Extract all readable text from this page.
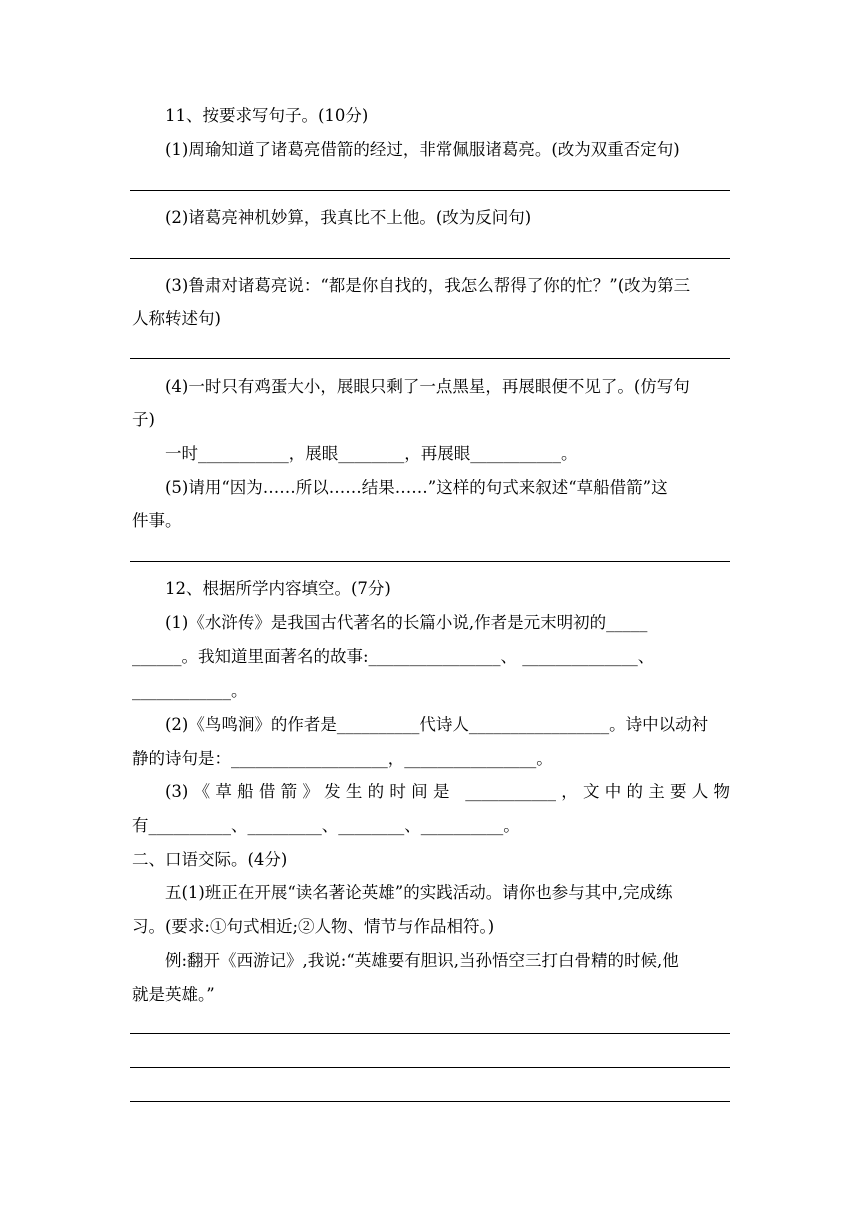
11、按要求写句子。(10分)
(1)周瑜知道了诸葛亮借箭的经过，非常佩服诸葛亮。(改为双重否定句)
(2)诸葛亮神机妙算，我真比不上他。(改为反问句)
(3)鲁肃对诸葛亮说：“都是你自找的，我怎么帮得了你的忙？”(改为第三
人称转述句)
(4)一时只有鸡蛋大小，展眼只剩了一点黑星，再展眼便不见了。(仿写句
子)
一时___________，展眼________，再展眼___________。
(5)请用“因为……所以……结果……”这样的句式来叙述“草船借箭”这
件事。
12、根据所学内容填空。(7分)
(1)《水浒传》是我国古代著名的长篇小说,作者是元末明初的_____
______。我知道里面著名的故事:________________、 ______________、
____________。
(2)《鸟鸣涧》的作者是__________代诗人_________________。诗中以动衬
静的诗句是：___________________，________________。
(3)《草船借箭》发生的时间是 ___________，文中的主要人物
有__________、_________、________、__________。
二、口语交际。(4分)
五(1)班正在开展“读名著论英雄”的实践活动。请你也参与其中,完成练
习。(要求:①句式相近;②人物、情节与作品相符。)
例:翻开《西游记》,我说:“英雄要有胆识,当孙悟空三打白骨精的时候,他
就是英雄。”
